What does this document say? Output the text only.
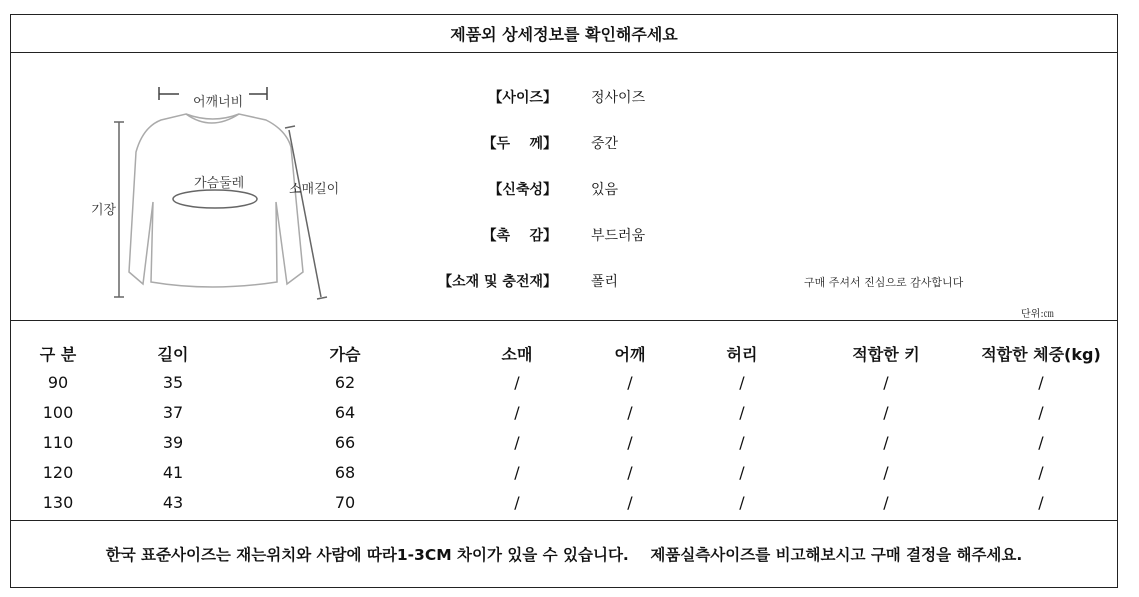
제품외 상세정보를 확인해주세요
어깨너비
가슴둘레	소매길이
기장
【사이즈】 정사이즈
【두    께】 중간
【신축성】 있음
【촉    감】 부드러움
【소재 및 충전재】 폴리	구매 주셔서 진심으로 감사합니다
단위:㎝
구 분	길이	가슴	소매	어깨	허리	적합한 키	적합한 체중(kg)
90	35	62	/	/	/	/	/
100	37	64	/	/	/	/	/
110	39	66	/	/	/	/	/
120	41	68	/	/	/	/	/
130	43	70	/	/	/	/	/
한국 표준사이즈는 재는위치와 사람에 따라1-3CM 차이가 있을 수 있습니다.    제품실측사이즈를 비고해보시고 구매 결정을 해주세요.
